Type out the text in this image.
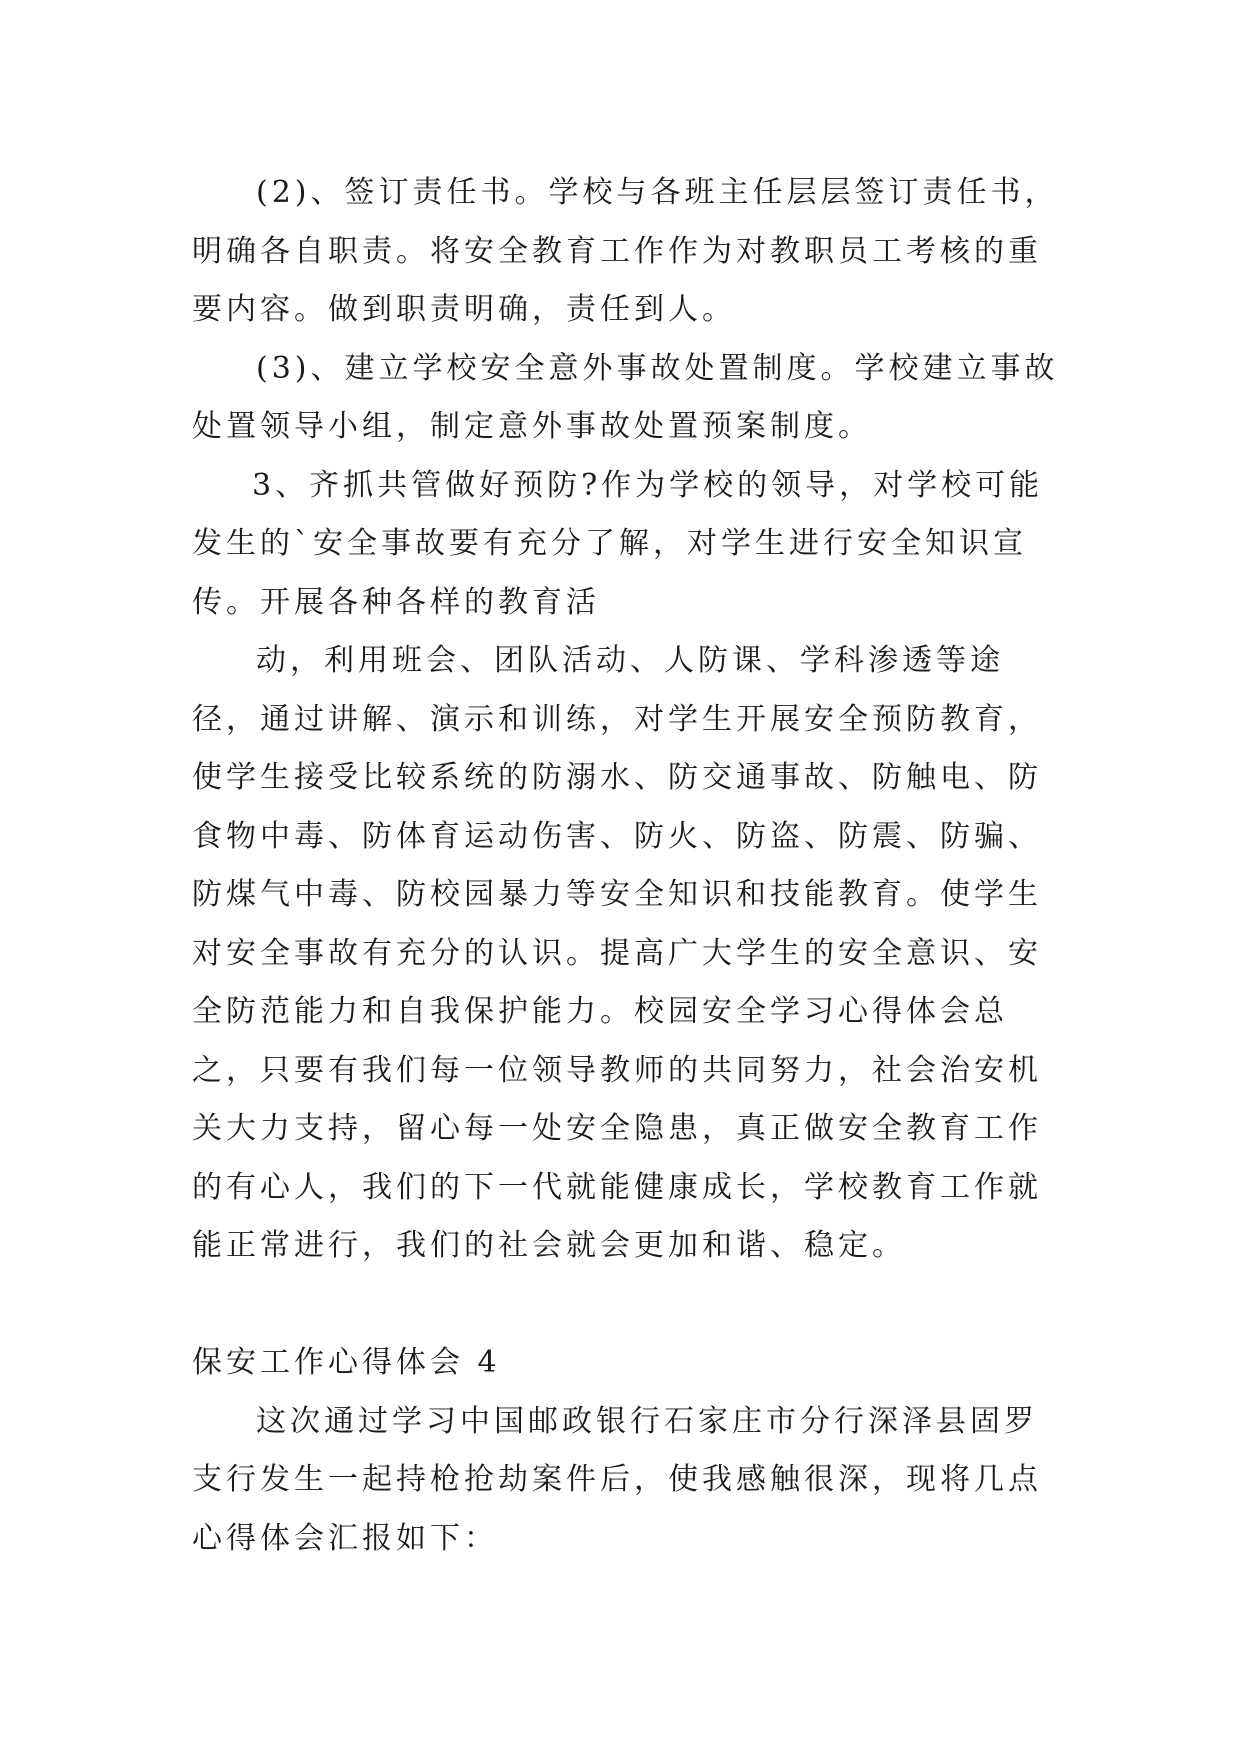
(2)、签订责任书。学校与各班主任层层签订责任书，明确各自职责。将安全教育工作作为对教职员工考核的重要内容。做到职责明确，责任到人。

(3)、建立学校安全意外事故处置制度。学校建立事故处置领导小组，制定意外事故处置预案制度。

3、齐抓共管做好预防?作为学校的领导，对学校可能发生的`安全事故要有充分了解，对学生进行安全知识宣传。开展各种各样的教育活

动，利用班会、团队活动、人防课、学科渗透等途径，通过讲解、演示和训练，对学生开展安全预防教育，使学生接受比较系统的防溺水、防交通事故、防触电、防食物中毒、防体育运动伤害、防火、防盗、防震、防骗、防煤气中毒、防校园暴力等安全知识和技能教育。使学生对安全事故有充分的认识。提高广大学生的安全意识、安全防范能力和自我保护能力。校园安全学习心得体会总之，只要有我们每一位领导教师的共同努力，社会治安机关大力支持，留心每一处安全隐患，真正做安全教育工作的有心人，我们的下一代就能健康成长，学校教育工作就能正常进行，我们的社会就会更加和谐、稳定。

保安工作心得体会 4

这次通过学习中国邮政银行石家庄市分行深泽县固罗支行发生一起持枪抢劫案件后，使我感触很深，现将几点心得体会汇报如下：
